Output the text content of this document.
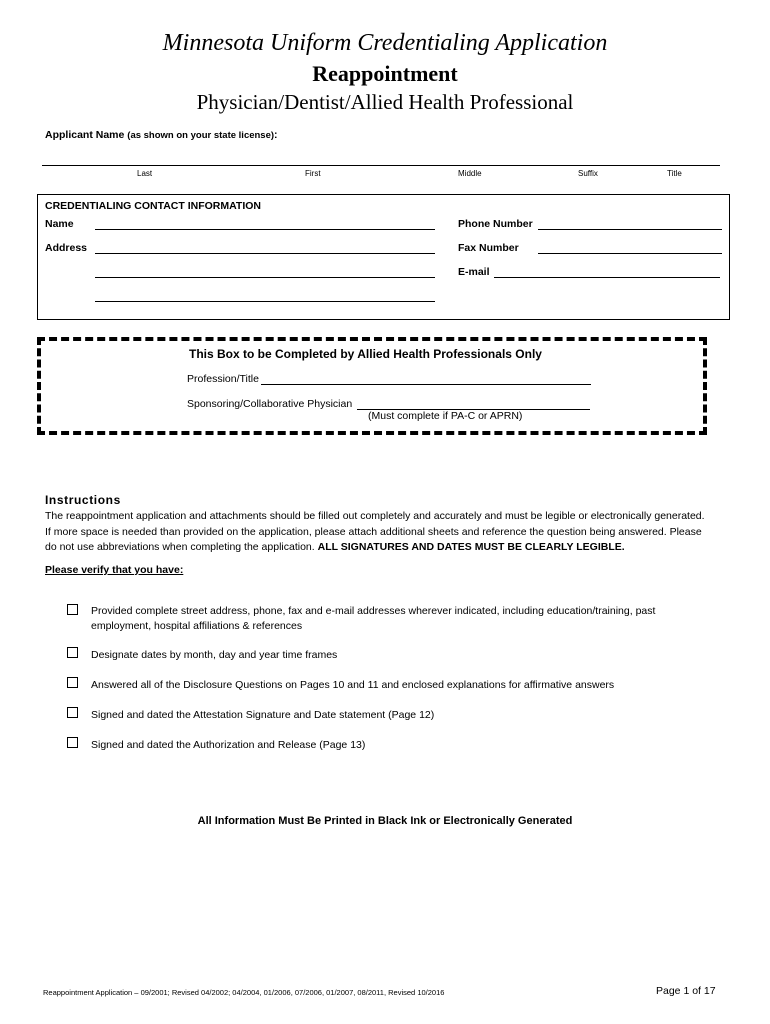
Minnesota Uniform Credentialing Application
Reappointment
Physician/Dentist/Allied Health Professional
Applicant Name (as shown on your state license):
Last	First	Middle	Suffix	Title
CREDENTIALING CONTACT INFORMATION
Name
Address
Phone Number
Fax Number
E-mail
This Box to be Completed by Allied Health Professionals Only
Profession/Title
Sponsoring/Collaborative Physician
(Must complete if PA-C or APRN)
Instructions
The reappointment application and attachments should be filled out completely and accurately and must be legible or electronically generated.
If more space is needed than provided on the application, please attach additional sheets and reference the question being answered. Please
do not use abbreviations when completing the application. ALL SIGNATURES AND DATES MUST BE CLEARLY LEGIBLE.
Please verify that you have:
Provided complete street address, phone, fax and e-mail addresses wherever indicated, including education/training, past
employment, hospital affiliations & references
Designate dates by month, day and year time frames
Answered all of the Disclosure Questions on Pages 10 and 11 and enclosed explanations for affirmative answers
Signed and dated the Attestation Signature and Date statement (Page 12)
Signed and dated the Authorization and Release (Page 13)
All Information Must Be Printed in Black Ink or Electronically Generated
Reappointment Application – 09/2001; Revised 04/2002; 04/2004, 01/2006, 07/2006, 01/2007, 08/2011, Revised 10/2016	Page 1 of 17
